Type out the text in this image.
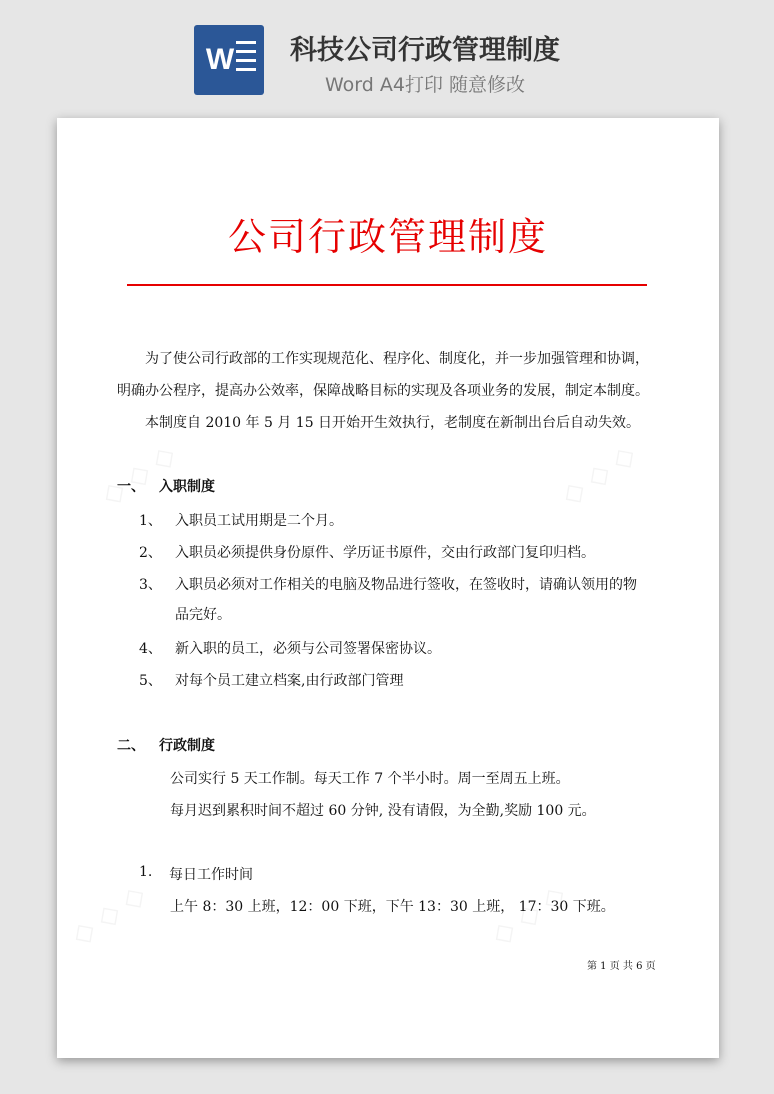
W 科技公司行政管理制度
Word A4打印 随意修改
公司行政管理制度
为了使公司行政部的工作实现规范化、程序化、制度化，并一步加强管理和协调，
明确办公程序，提高办公效率，保障战略目标的实现及各项业务的发展，制定本制度。
本制度自 2010 年 5 月 15 日开始开生效执行，老制度在新制出台后自动失效。
一、 入职制度
1、 入职员工试用期是二个月。
2、 入职员必须提供身份原件、学历证书原件，交由行政部门复印归档。
3、 入职员必须对工作相关的电脑及物品进行签收，在签收时，请确认领用的物
品完好。
4、 新入职的员工，必须与公司签署保密协议。
5、 对每个员工建立档案,由行政部门管理
二、 行政制度
公司实行 5 天工作制。每天工作 7 个半小时。周一至周五上班。
每月迟到累积时间不超过 60 分钟, 没有请假，为全勤,奖励 100 元。
1. 每日工作时间
上午 8：30 上班，12：00 下班，下午 13：30 上班， 17：30 下班。
第 1 页 共 6 页
